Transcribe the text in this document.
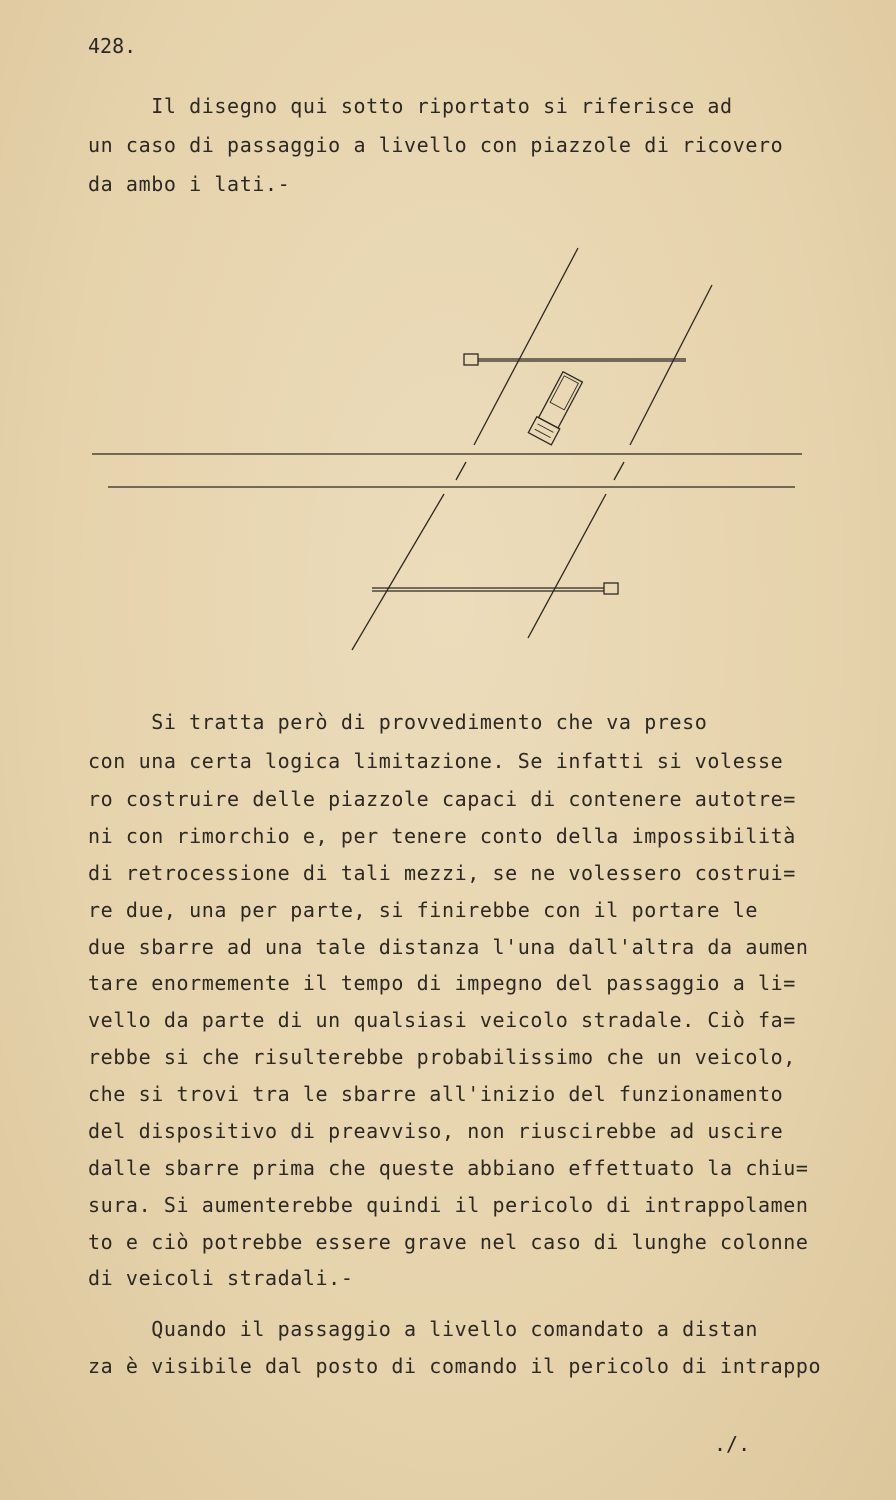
428.
Il disegno qui sotto riportato si riferisce ad
un caso di passaggio a livello con piazzole di ricovero
da ambo i lati.-
Si tratta però di provvedimento che va preso
con una certa logica limitazione. Se infatti si volesse
ro costruire delle piazzole capaci di contenere autotre=
ni con rimorchio e, per tenere conto della impossibilità
di retrocessione di tali mezzi, se ne volessero costrui=
re due, una per parte, si finirebbe con il portare le
due sbarre ad una tale distanza l'una dall'altra da aumen
tare enormemente il tempo di impegno del passaggio a li=
vello da parte di un qualsiasi veicolo stradale. Ciò fa=
rebbe si che risulterebbe probabilissimo che un veicolo,
che si trovi tra le sbarre all'inizio del funzionamento
del dispositivo di preavviso, non riuscirebbe ad uscire
dalle sbarre prima che queste abbiano effettuato la chiu=
sura. Si aumenterebbe quindi il pericolo di intrappolamen
to e ciò potrebbe essere grave nel caso di lunghe colonne
di veicoli stradali.-
Quando il passaggio a livello comandato a distan
za è visibile dal posto di comando il pericolo di intrappo
./.
